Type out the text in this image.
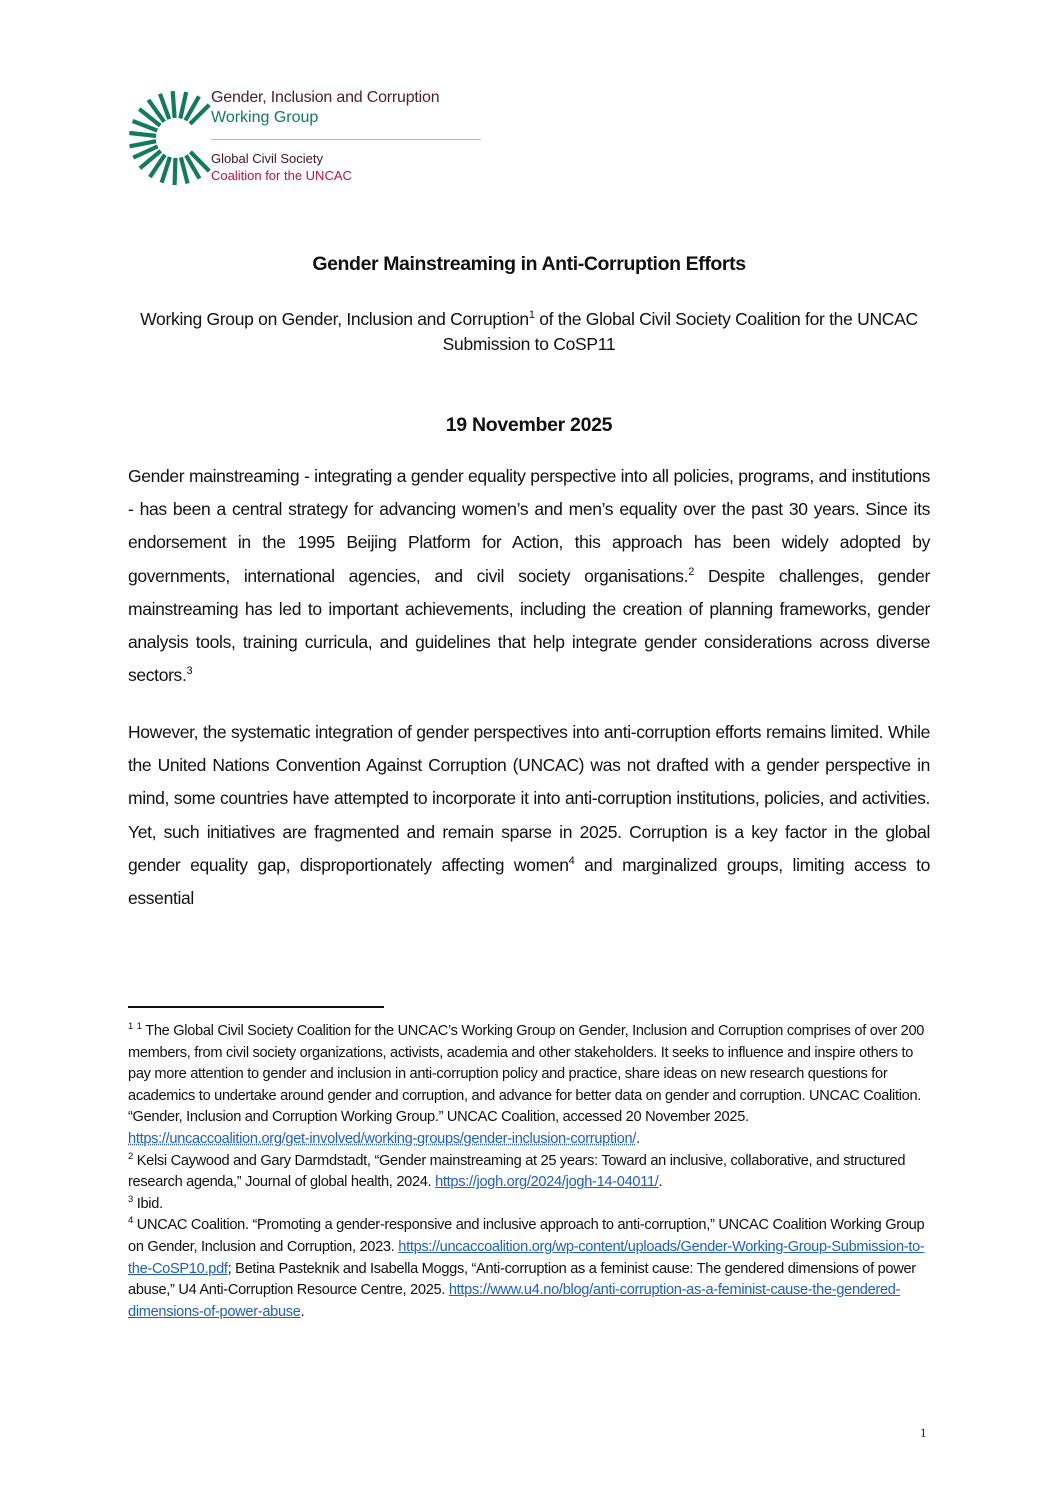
Gender, Inclusion and Corruption
Working Group
Global Civil Society
Coalition for the UNCAC
Gender Mainstreaming in Anti-Corruption Efforts
Working Group on Gender, Inclusion and Corruption$^1$ of the Global Civil Society Coalition for the UNCAC Submission to CoSP11
19 November 2025

Gender mainstreaming - integrating a gender equality perspective into all policies, programs, and institutions - has been a central strategy for advancing women’s and men’s equality over the past 30 years. Since its endorsement in the 1995 Beijing Platform for Action, this approach has been widely adopted by governments, international agencies, and civil society organisations.$^2$ Despite challenges, gender mainstreaming has led to important achievements, including the creation of planning frameworks, gender analysis tools, training curricula, and guidelines that help integrate gender considerations across diverse sectors.$^3$

However, the systematic integration of gender perspectives into anti-corruption efforts remains limited. While the United Nations Convention Against Corruption (UNCAC) was not drafted with a gender perspective in mind, some countries have attempted to incorporate it into anti-corruption institutions, policies, and activities. Yet, such initiatives are fragmented and remain sparse in 2025. Corruption is a key factor in the global gender equality gap, disproportionately affecting women$^4$ and marginalized groups, limiting access to essential

$^1$ $^1$ The Global Civil Society Coalition for the UNCAC’s Working Group on Gender, Inclusion and Corruption comprises of over 200 members, from civil society organizations, activists, academia and other stakeholders. It seeks to influence and inspire others to pay more attention to gender and inclusion in anti-corruption policy and practice, share ideas on new research questions for academics to undertake around gender and corruption, and advance for better data on gender and corruption. UNCAC Coalition. “Gender, Inclusion and Corruption Working Group.” UNCAC Coalition, accessed 20 November 2025. https://uncaccoalition.org/get-involved/working-groups/gender-inclusion-corruption/.

$^2$ Kelsi Caywood and Gary Darmdstadt, “Gender mainstreaming at 25 years: Toward an inclusive, collaborative, and structured research agenda,” Journal of global health, 2024. https://jogh.org/2024/jogh-14-04011/.

$^3$ Ibid.

$^4$ UNCAC Coalition. “Promoting a gender-responsive and inclusive approach to anti-corruption,” UNCAC Coalition Working Group on Gender, Inclusion and Corruption, 2023. https://uncaccoalition.org/wp-content/uploads/Gender-Working-Group-Submission-to-the-CoSP10.pdf; Betina Pasteknik and Isabella Moggs, “Anti-corruption as a feminist cause: The gendered dimensions of power abuse,” U4 Anti-Corruption Resource Centre, 2025. https://www.u4.no/blog/anti-corruption-as-a-feminist-cause-the-gendered-dimensions-of-power-abuse.

1
